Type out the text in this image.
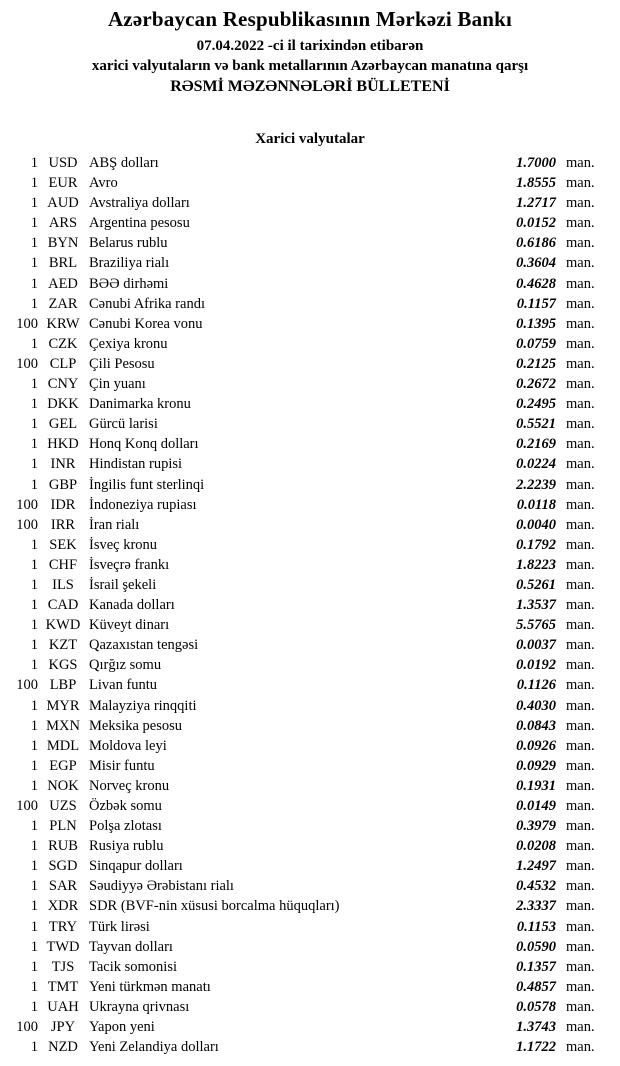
Azərbaycan Respublikasının Mərkəzi Bankı
07.04.2022 -ci il tarixindən etibarən
xarici valyutaların və bank metallarının Azərbaycan manatına qarşı
RƏSMİ MƏZƏNNƏLƏRİ BÜLLETENİ
Xarici valyutalar
1 USD ABŞ dolları	1.7000 man.
1 EUR Avro	1.8555 man.
1 AUD Avstraliya dolları	1.2717 man.
1 ARS Argentina pesosu	0.0152 man.
1 BYN Belarus rublu	0.6186 man.
1 BRL Braziliya rialı	0.3604 man.
1 AED BƏƏ dirhəmi	0.4628 man.
1 ZAR Cənubi Afrika randı	0.1157 man.
100 KRW Cənubi Korea vonu	0.1395 man.
1 CZK Çexiya kronu	0.0759 man.
100 CLP Çili Pesosu	0.2125 man.
1 CNY Çin yuanı	0.2672 man.
1 DKK Danimarka kronu	0.2495 man.
1 GEL Gürcü larisi	0.5521 man.
1 HKD Honq Konq dolları	0.2169 man.
1 INR Hindistan rupisi	0.0224 man.
1 GBP İngilis funt sterlinqi	2.2239 man.
100 IDR İndoneziya rupiası	0.0118 man.
100 IRR İran rialı	0.0040 man.
1 SEK İsveç kronu	0.1792 man.
1 CHF İsveçrə frankı	1.8223 man.
1 ILS	İsrail şekeli	0.5261 man.
1 CAD Kanada dolları	1.3537 man.
1 KWD Küveyt dinarı	5.5765 man.
1 KZT Qazaxıstan tengəsi	0.0037 man.
1 KGS Qırğız somu	0.0192 man.
100 LBP Livan funtu	0.1126 man.
1 MYR Malayziya rinqqiti	0.4030 man.
1 MXN Meksika pesosu	0.0843 man.
1 MDL Moldova leyi	0.0926 man.
1 EGP Misir funtu	0.0929 man.
1 NOK Norveç kronu	0.1931 man.
100 UZS Özbək somu	0.0149 man.
1 PLN Polşa zlotası	0.3979 man.
1 RUB Rusiya rublu	0.0208 man.
1 SGD Sinqapur dolları	1.2497 man.
1 SAR Səudiyyə Ərəbistanı rialı	0.4532 man.
1 XDR SDR (BVF-nin xüsusi borcalma hüquqları)	2.3337 man.
1 TRY Türk lirəsi	0.1153 man.
1 TWD Tayvan dolları	0.0590 man.
1 TJS	Tacik somonisi	0.1357 man.
1 TMT Yeni türkmən manatı	0.4857 man.
1 UAH Ukrayna qrivnası	0.0578 man.
100 JPY Yapon yeni	1.3743 man.
1 NZD Yeni Zelandiya dolları	1.1722 man.
